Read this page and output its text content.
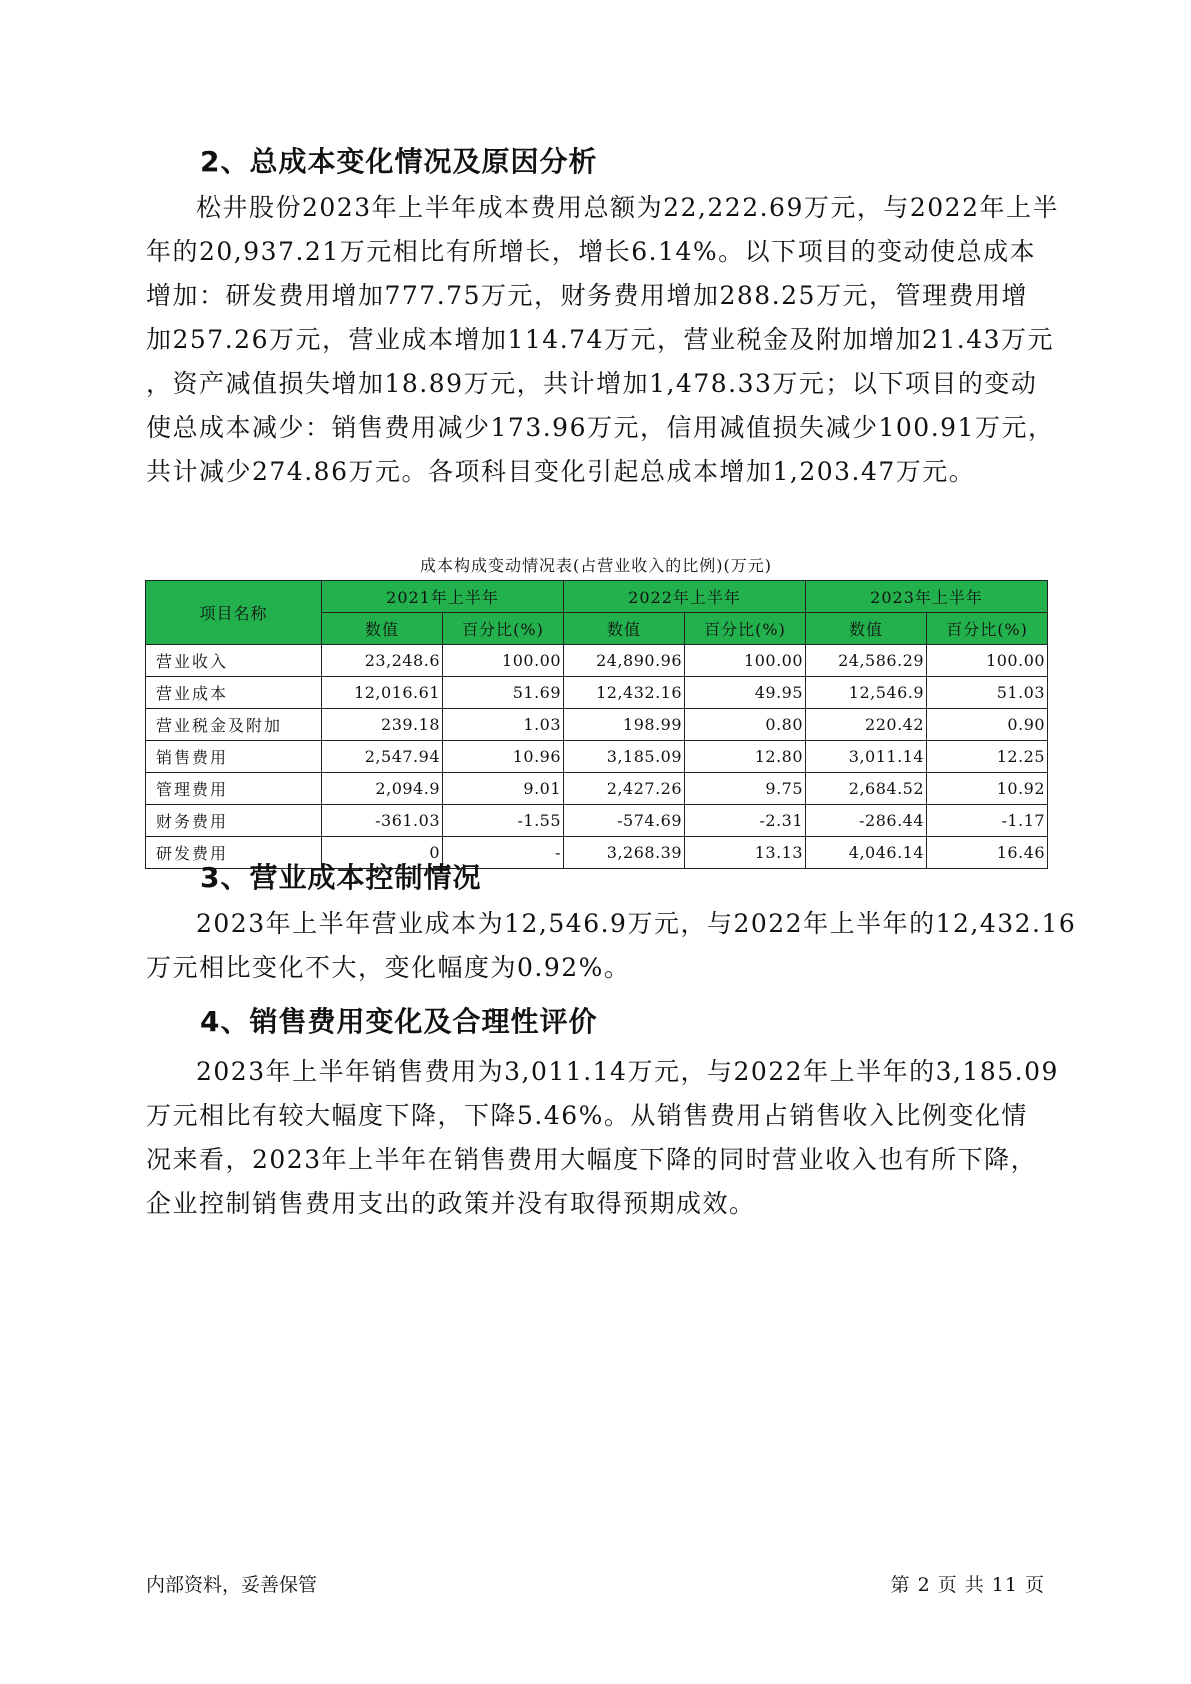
2、总成本变化情况及原因分析
松井股份2023年上半年成本费用总额为22,222.69万元，与2022年上半
年的20,937.21万元相比有所增长，增长6.14%。以下项目的变动使总成本
增加：研发费用增加777.75万元，财务费用增加288.25万元，管理费用增
加257.26万元，营业成本增加114.74万元，营业税金及附加增加21.43万元
，资产减值损失增加18.89万元，共计增加1,478.33万元；以下项目的变动
使总成本减少：销售费用减少173.96万元，信用减值损失减少100.91万元，
共计减少274.86万元。各项科目变化引起总成本增加1,203.47万元。
成本构成变动情况表(占营业收入的比例)(万元)
项目名称	2021年上半年		2022年上半年		2023年上半年	
	数值	百分比(%)	数值	百分比(%)	数值	百分比(%)
营业收入	23,248.6	100.00	24,890.96	100.00	24,586.29	100.00
营业成本	12,016.61	51.69	12,432.16	49.95	12,546.9	51.03
营业税金及附加	239.18	1.03	198.99	0.80	220.42	0.90
销售费用	2,547.94	10.96	3,185.09	12.80	3,011.14	12.25
管理费用	2,094.9	9.01	2,427.26	9.75	2,684.52	10.92
财务费用	-361.03	-1.55	-574.69	-2.31	-286.44	-1.17
研发费用	0	-	3,268.39	13.13	4,046.14	16.46
3、营业成本控制情况
2023年上半年营业成本为12,546.9万元，与2022年上半年的12,432.16
万元相比变化不大，变化幅度为0.92%。
4、销售费用变化及合理性评价
2023年上半年销售费用为3,011.14万元，与2022年上半年的3,185.09
万元相比有较大幅度下降，下降5.46%。从销售费用占销售收入比例变化情
况来看，2023年上半年在销售费用大幅度下降的同时营业收入也有所下降，
企业控制销售费用支出的政策并没有取得预期成效。
内部资料，妥善保管	第 2 页 共 11 页
